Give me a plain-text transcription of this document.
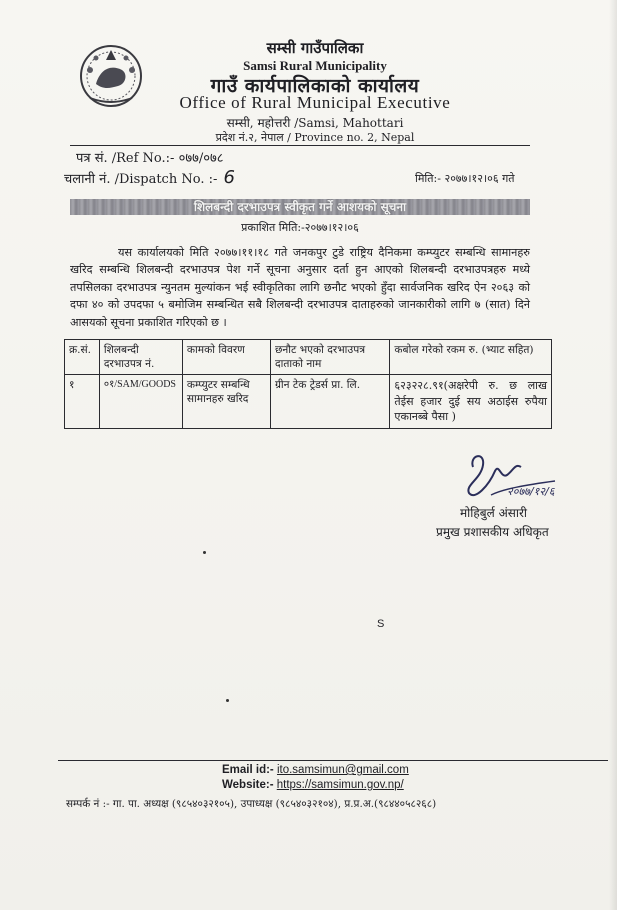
सम्सी गाउँपालिका
Samsi Rural Municipality
गाउँ कार्यपालिकाको कार्यालय
Office of Rural Municipal Executive
सम्सी, महोत्तरी /Samsi, Mahottari
प्रदेश नं.२, नेपाल / Province no. 2, Nepal
पत्र सं. /Ref No.:- ०७७/०७८
चलानी नं. /Dispatch No. :- 6	मिति:- २०७७।१२।०६ गते
शिलबन्दी दरभाउपत्र स्वीकृत गर्ने आशयको सूचना
प्रकाशित मिति:-२०७७।१२।०६
यस कार्यालयको मिति २०७७।११।१८ गते जनकपुर टुडे राष्ट्रिय दैनिकमा कम्प्युटर सम्बन्धि सामानहरु खरिद सम्बन्धि शिलबन्दी दरभाउपत्र पेश गर्ने सूचना अनुसार दर्ता हुन आएको शिलबन्दी दरभाउपत्रहरु मध्ये तपसिलका दरभाउपत्र न्युनतम मुल्यांकन भई स्वीकृतिका लागि छनौट भएको हुँदा सार्वजनिक खरिद ऐन २०६३ को दफा ४० को उपदफा ५ बमोजिम सम्बन्धित सबै शिलबन्दी दरभाउपत्र दाताहरुको जानकारीको लागि ७ (सात) दिने आसयको सूचना प्रकाशित गरिएको छ ।
क्र.सं.	शिलबन्दी दरभाउपत्र नं.	कामको विवरण	छनौट भएको दरभाउपत्र दाताको नाम	कबोल गरेको रकम रु. (भ्याट सहित)
१	०१/SAM/GOODS	कम्प्युटर सम्बन्धि सामानहरु खरिद	ग्रीन टेक ट्रेडर्स प्रा. लि.	६२३२२८.९१(अक्षरेपी रु. छ लाख तेईस हजार दुई सय अठाईस रुपैया एकानब्बे पैसा )
२०७७/१२/६
मोहिबुर्ल अंसारी
प्रमुख प्रशासकीय अधिकृत
S
Email id:- ito.samsimun@gmail.com
Website:- https://samsimun.gov.np/
सम्पर्क नं :- गा. पा. अध्यक्ष (९८५४०३२१०५), उपाध्यक्ष (९८५४०३२१०४), प्र.प्र.अ.(९८४४०५८२६८)
